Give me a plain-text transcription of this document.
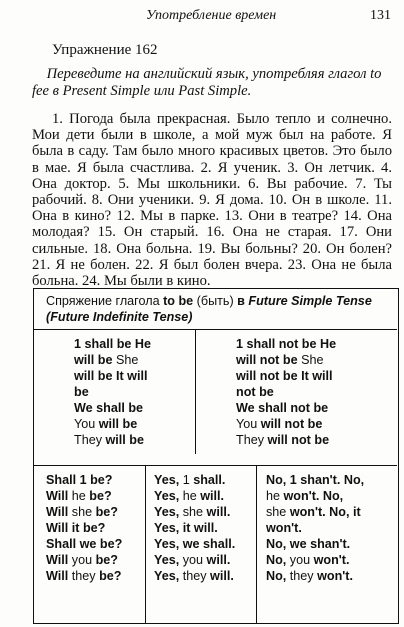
Употребление времен	131
Упражнение 162
Переведите на английский язык, употребляя глагол to fee в Present Simple или Past Simple.
1. Погода была прекрасная. Было тепло и солнечно. Мои дети были в школе, а мой муж был на работе. Я была в саду. Там было много красивых цветов. Это было в мае. Я была счастлива. 2. Я ученик. 3. Он летчик. 4. Она доктор. 5. Мы школьники. 6. Вы рабочие. 7. Ты рабочий. 8. Они ученики. 9. Я дома. 10. Он в школе. 11. Она в кино? 12. Мы в парке. 13. Они в театре? 14. Она молодая? 15. Он старый. 16. Она не старая. 17. Они сильные. 18. Она больна. 19. Вы больны? 20. Он болен? 21. Я не болен. 22. Я был болен вчера. 23. Она не была больна. 24. Мы были в кино.
Спряжение глагола to be (быть) в Future Simple Tense (Future Indefinite Tense)
1 shall be He
will be She
will be It will
be
We shall be
You will be
They will be
1 shall not be He
will not be She
will not be It will
not be
We shall not be
You will not be
They will not be
Shall 1 be?
Will he be?
Will she be?
Will it be?
Shall we be?
Will you be?
Will they be?
Yes, 1 shall.
Yes, he will.
Yes, she will.
Yes, it will.
Yes, we shall.
Yes, you will.
Yes, they will.
No, 1 shan't. No,
he won't. No,
she won't. No, it
won't.
No, we shan't.
No, you won't.
No, they won't.
